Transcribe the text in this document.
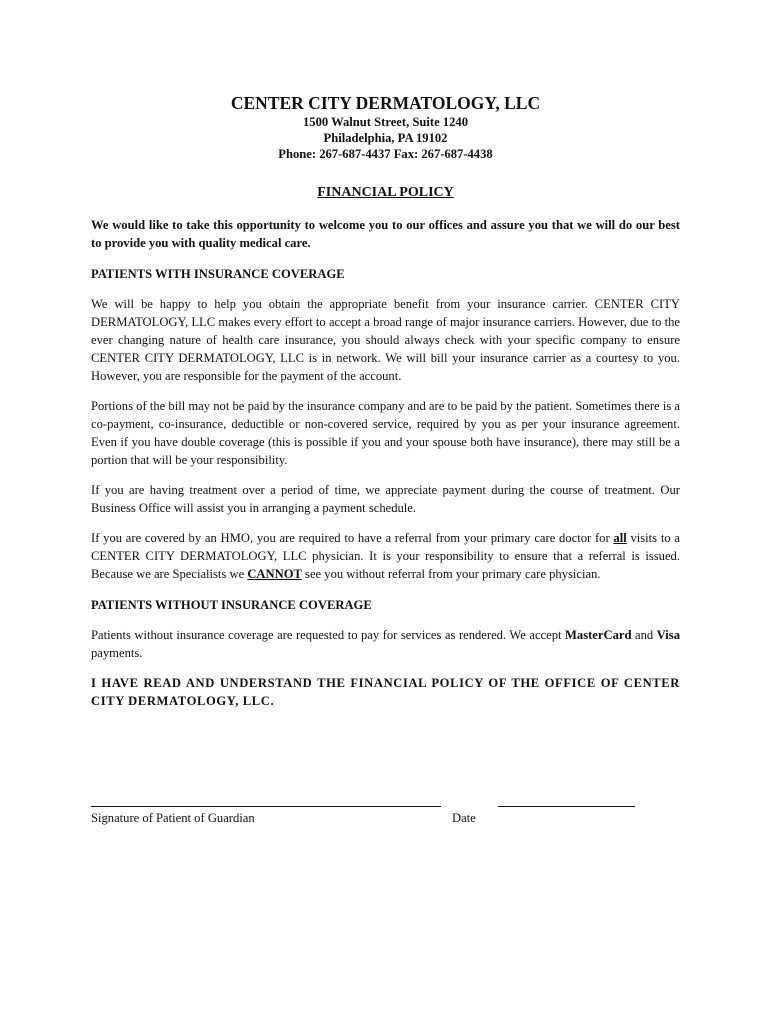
CENTER CITY DERMATOLOGY, LLC
1500 Walnut Street, Suite 1240
Philadelphia, PA 19102
Phone: 267-687-4437 Fax: 267-687-4438
FINANCIAL POLICY

We would like to take this opportunity to welcome you to our offices and assure you that we will do our best to provide you with quality medical care.

PATIENTS WITH INSURANCE COVERAGE

We will be happy to help you obtain the appropriate benefit from your insurance carrier. CENTER CITY DERMATOLOGY, LLC makes every effort to accept a broad range of major insurance carriers. However, due to the ever changing nature of health care insurance, you should always check with your specific company to ensure CENTER CITY DERMATOLOGY, LLC is in network. We will bill your insurance carrier as a courtesy to you. However, you are responsible for the payment of the account.

Portions of the bill may not be paid by the insurance company and are to be paid by the patient. Sometimes there is a co-payment, co-insurance, deductible or non-covered service, required by you as per your insurance agreement. Even if you have double coverage (this is possible if you and your spouse both have insurance), there may still be a portion that will be your responsibility.

If you are having treatment over a period of time, we appreciate payment during the course of treatment. Our Business Office will assist you in arranging a payment schedule.

If you are covered by an HMO, you are required to have a referral from your primary care doctor for all visits to a CENTER CITY DERMATOLOGY, LLC physician. It is your responsibility to ensure that a referral is issued. Because we are Specialists we CANNOT see you without referral from your primary care physician.

PATIENTS WITHOUT INSURANCE COVERAGE

Patients without insurance coverage are requested to pay for services as rendered. We accept MasterCard and Visa payments.

I HAVE READ AND UNDERSTAND THE FINANCIAL POLICY OF THE OFFICE OF CENTER CITY DERMATOLOGY, LLC.

Signature of Patient of Guardian	Date
